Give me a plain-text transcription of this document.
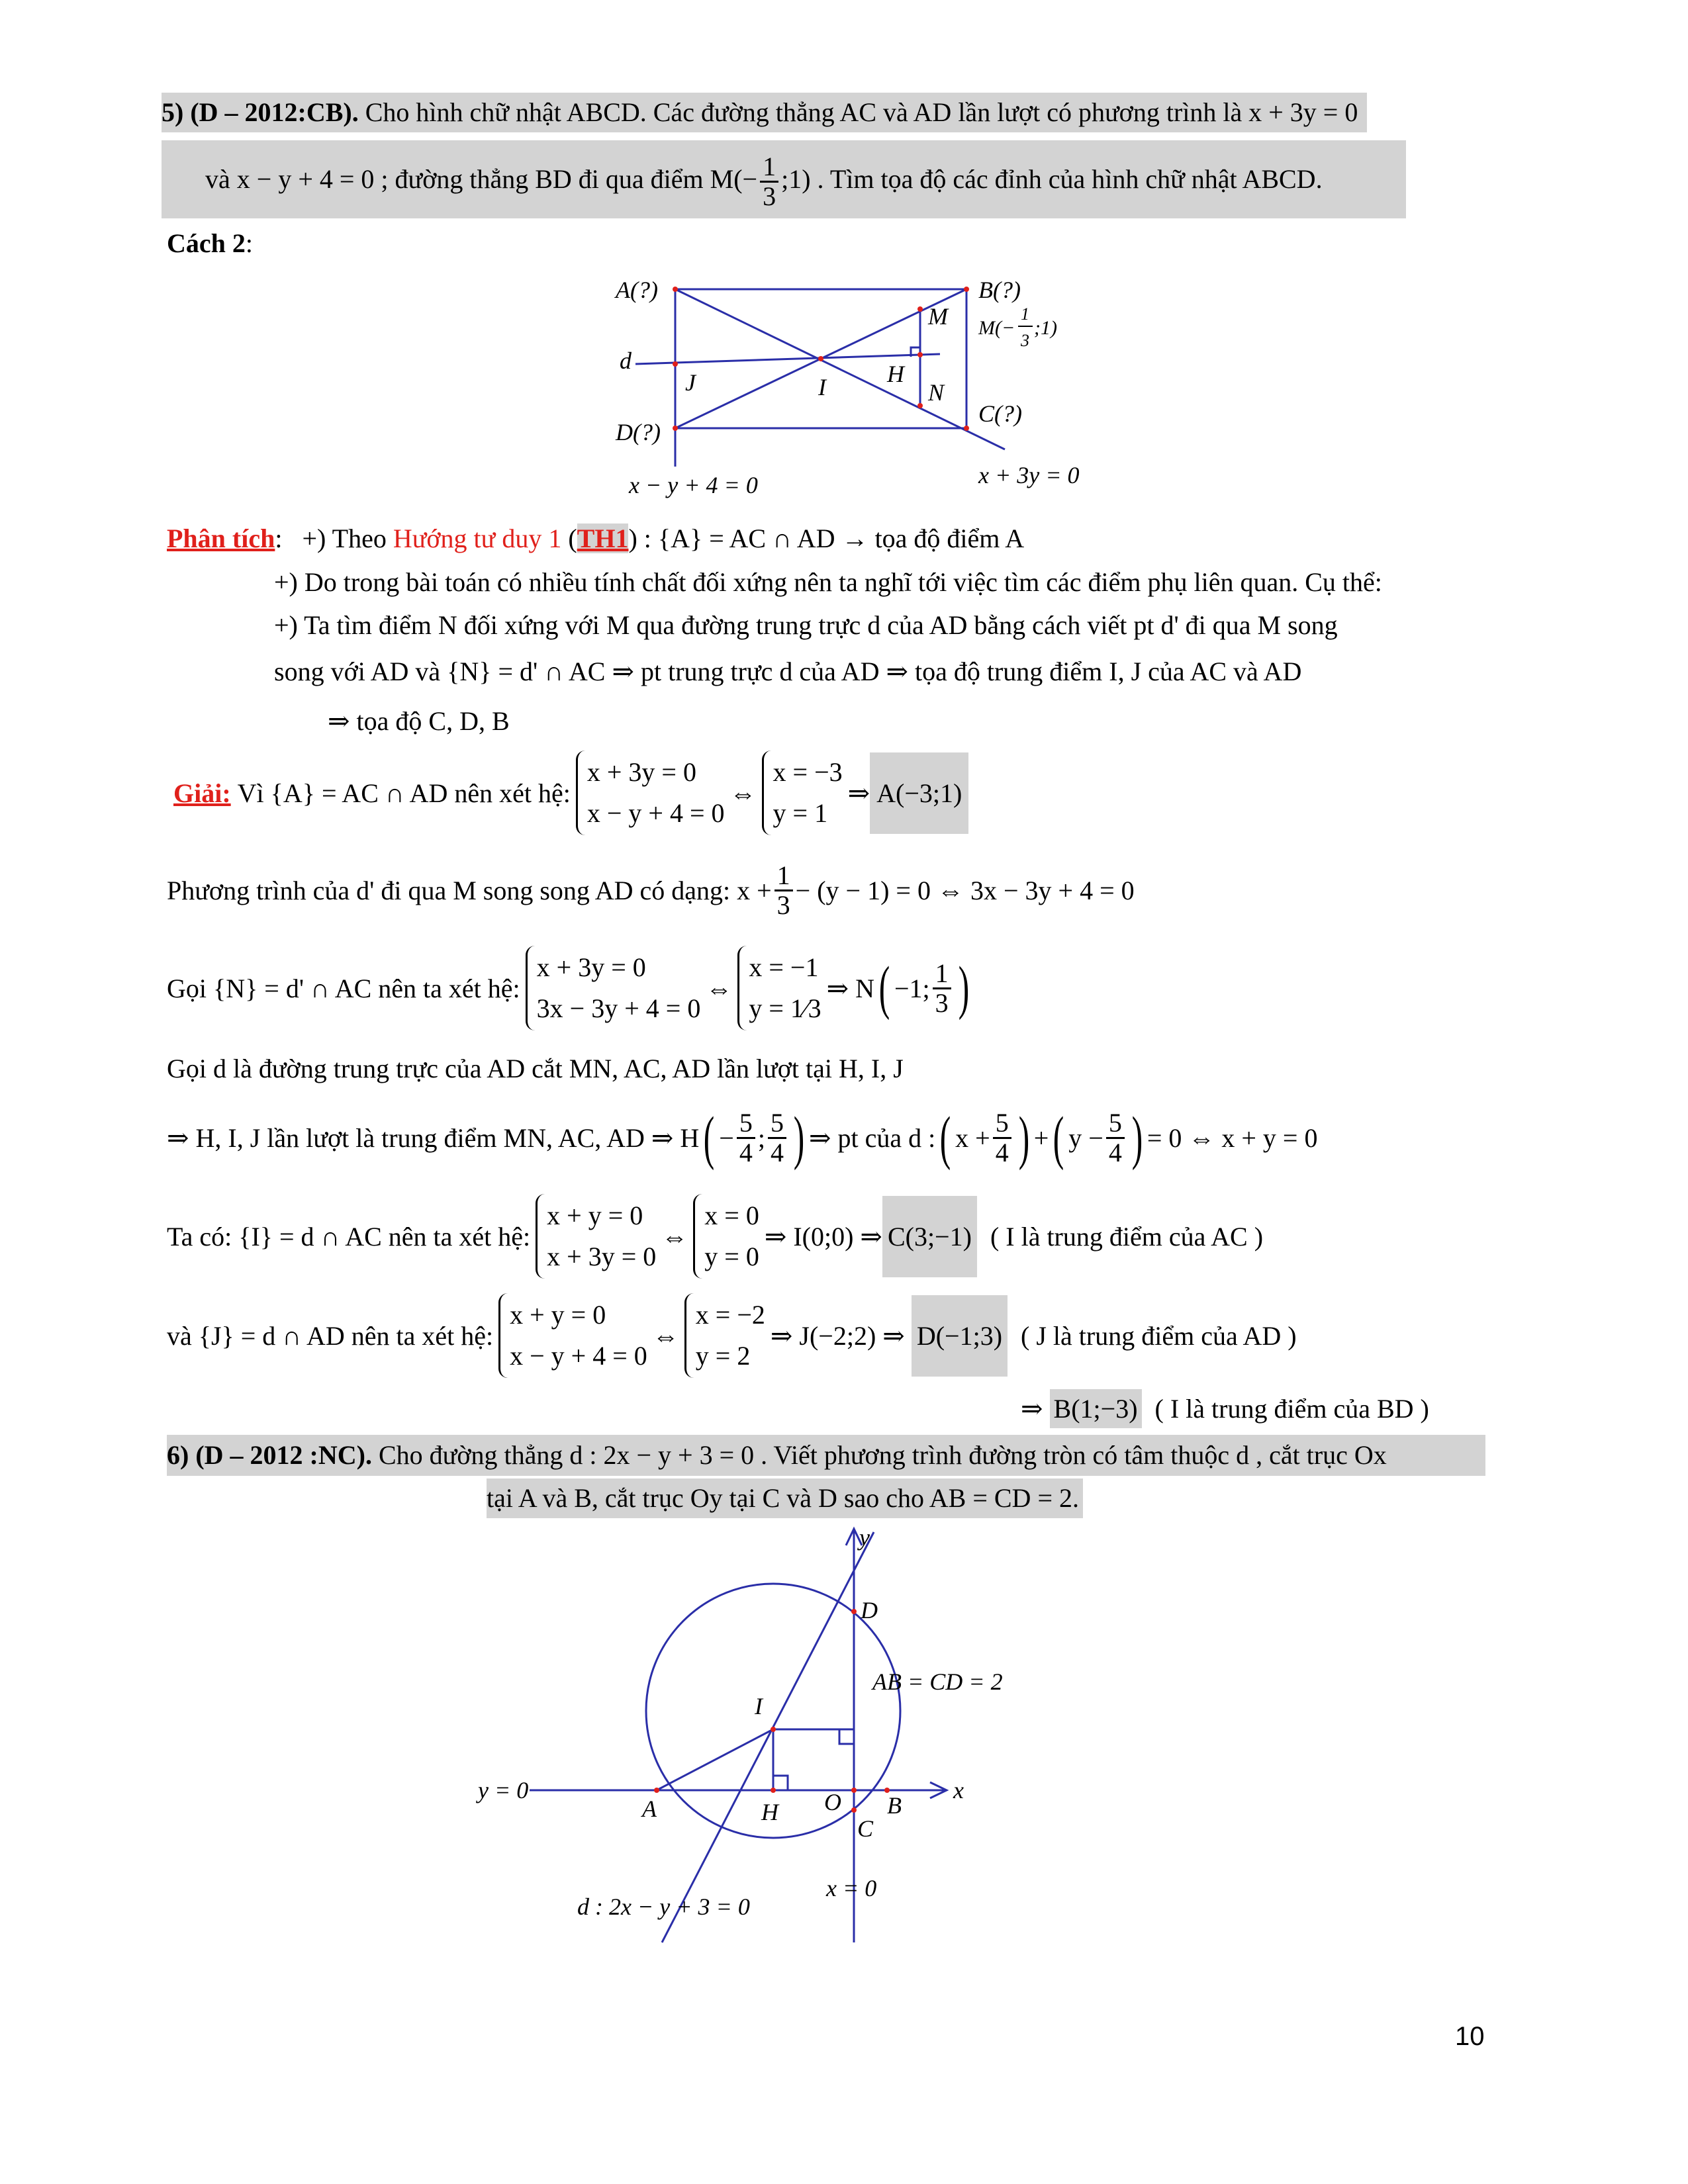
5) (D – 2012:CB). Cho hình chữ nhật ABCD. Các đường thẳng AC và AD lần lượt có phương trình là x + 3y = 0
và x − y + 4 = 0 ; đường thẳng BD đi qua điểm $M(- \frac{1}{3}$ ;1) . Tìm tọa độ các đỉnh của hình chữ nhật ABCD.
Cách 2:
A(?)	B(?)
C(?)
D(?)
M
N
H
I
J
d
x − y + 4 = 0	x + 3y = 0
M(−
1
3
;1)
Phân tích: +) Theo Hướng tư duy 1 (TH1) : {A} = AC ∩ AD → tọa độ điểm A
+) Do trong bài toán có nhiều tính chất đối xứng nên ta nghĩ tới việc tìm các điểm phụ liên quan. Cụ thể:
+) Ta tìm điểm N đối xứng với M qua đường trung trực d của AD bằng cách viết pt d' đi qua M song
song với AD và {N} = d' ∩ AC ⇒ pt trung trực d của AD ⇒ tọa độ trung điểm I, J của AC và AD
⇒ tọa độ C, D, B
Giải:
Vì {A} = AC ∩ AD nên xét hệ:
x + 3y = 0
x − y + 4 = 0
⇔
x = −3
y = 1
⇒ A(−3;1)
Phương trình của d' đi qua M song song AD có dạng: $x + \frac{1}{3} - (y - 1) = 0$ ⇔ 3x − 3y + 4 = 0
Gọi {N} = d' ∩ AC nên ta xét hệ:
x + 3y = 0
3x − 3y + 4 = 0
⇔
x = −1
y = 1⁄3
⇒ N ( −1; $\frac{1}{3}$ )
Gọi d là đường trung trực của AD cắt MN, AC, AD lần lượt tại H, I, J
⇒ H, I, J lần lượt là trung điểm MN, AC, AD ⇒ H ( − $\frac{5}{4}$ ; $\frac{5}{4}$ ) ⇒ pt của d : ( $x + \frac{5}{4}$ ) + ( $y - \frac{5}{4}$ ) = 0 ⇔ x + y = 0
Ta có: {I} = d ∩ AC nên ta xét hệ:
x + y = 0
x + 3y = 0
⇔
x = 0
y = 0
⇒ I(0;0) ⇒ C(3;−1)
( I là trung điểm của AC )
và {J} = d ∩ AD nên ta xét hệ:
x + y = 0
x − y + 4 = 0
⇔
x = −2
y = 2
⇒ J(−2;2) ⇒
D(−1;3)
( J là trung điểm của AD )
⇒
B(1;−3)
( I là trung điểm của BD )
6) (D – 2012 :NC). Cho đường thẳng d : 2x − y + 3 = 0 . Viết phương trình đường tròn có tâm thuộc d , cắt trục Ox
tại A và B, cắt trục Oy tại C và D sao cho AB = CD = 2.
y
x
D
AB = CD = 2
I
y = 0
A	H O B
C
x = 0
d : 2x − y + 3 = 0
10
